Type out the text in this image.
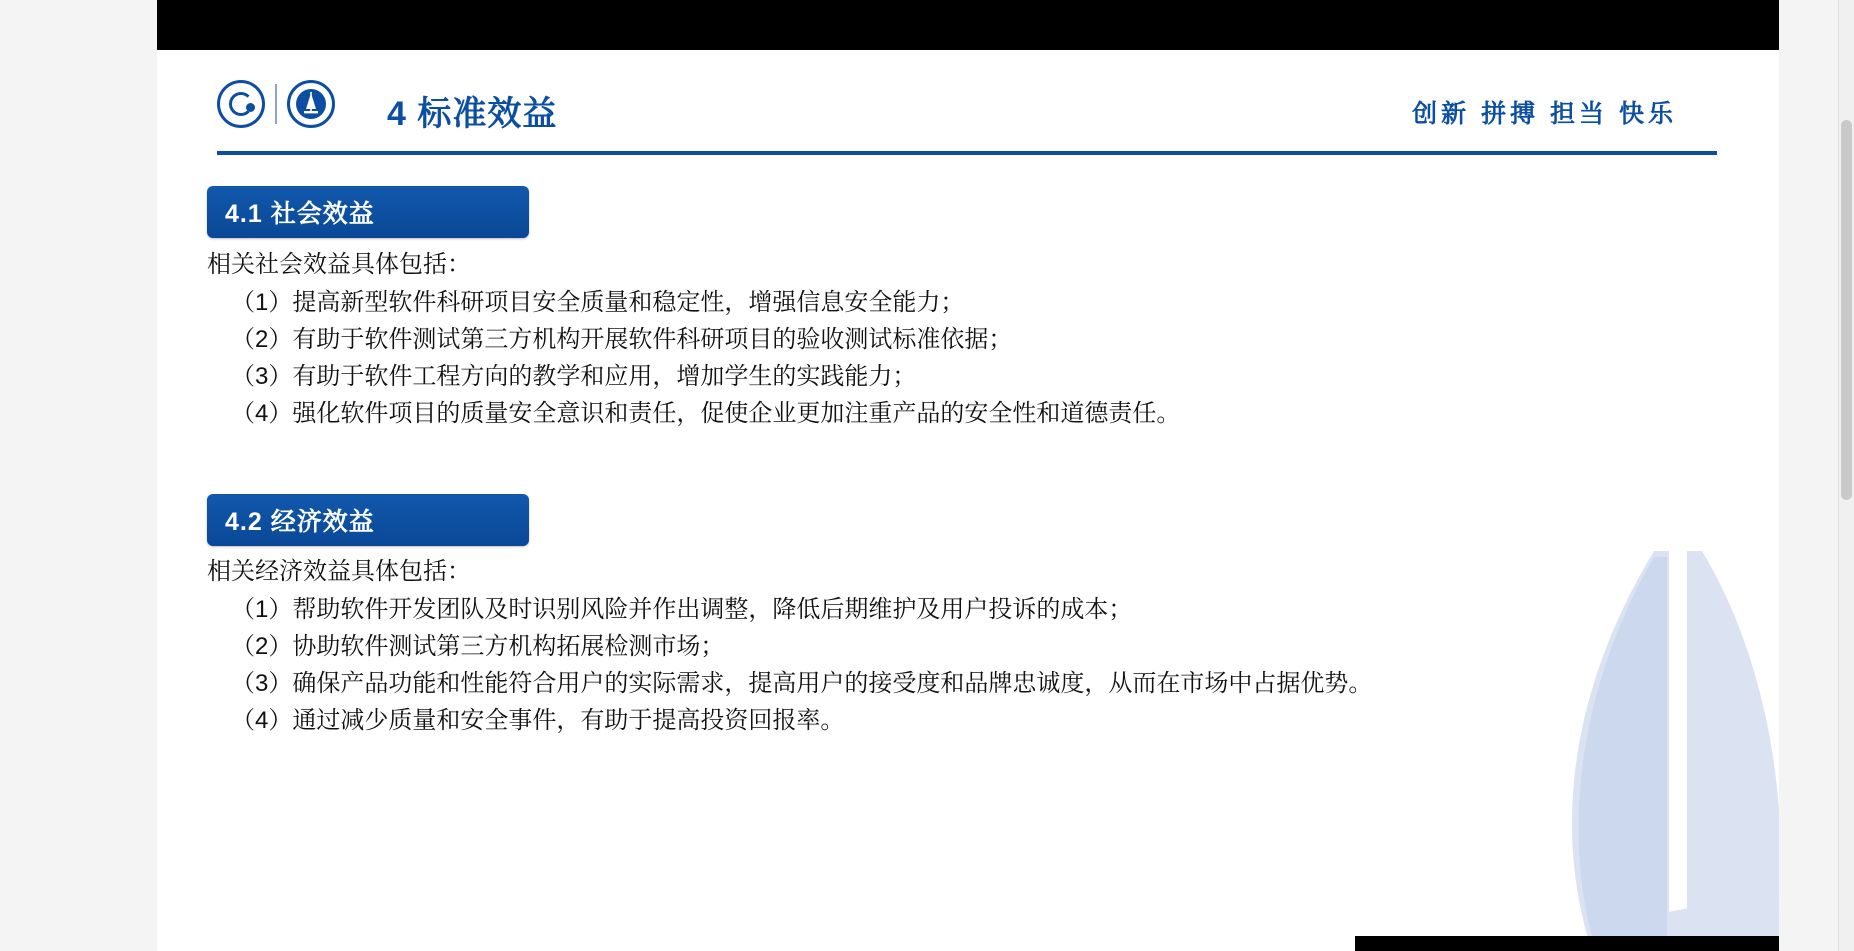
4 标准效益	创新 拼搏 担当 快乐
4.1 社会效益

相关社会效益具体包括：

（1）提高新型软件科研项目安全质量和稳定性，增强信息安全能力；

（2）有助于软件测试第三方机构开展软件科研项目的验收测试标准依据；

（3）有助于软件工程方向的教学和应用，增加学生的实践能力；

（4）强化软件项目的质量安全意识和责任，促使企业更加注重产品的安全性和道德责任。

4.2 经济效益

相关经济效益具体包括：

（1）帮助软件开发团队及时识别风险并作出调整，降低后期维护及用户投诉的成本；

（2）协助软件测试第三方机构拓展检测市场；

（3）确保产品功能和性能符合用户的实际需求，提高用户的接受度和品牌忠诚度，从而在市场中占据优势。

（4）通过减少质量和安全事件，有助于提高投资回报率。
